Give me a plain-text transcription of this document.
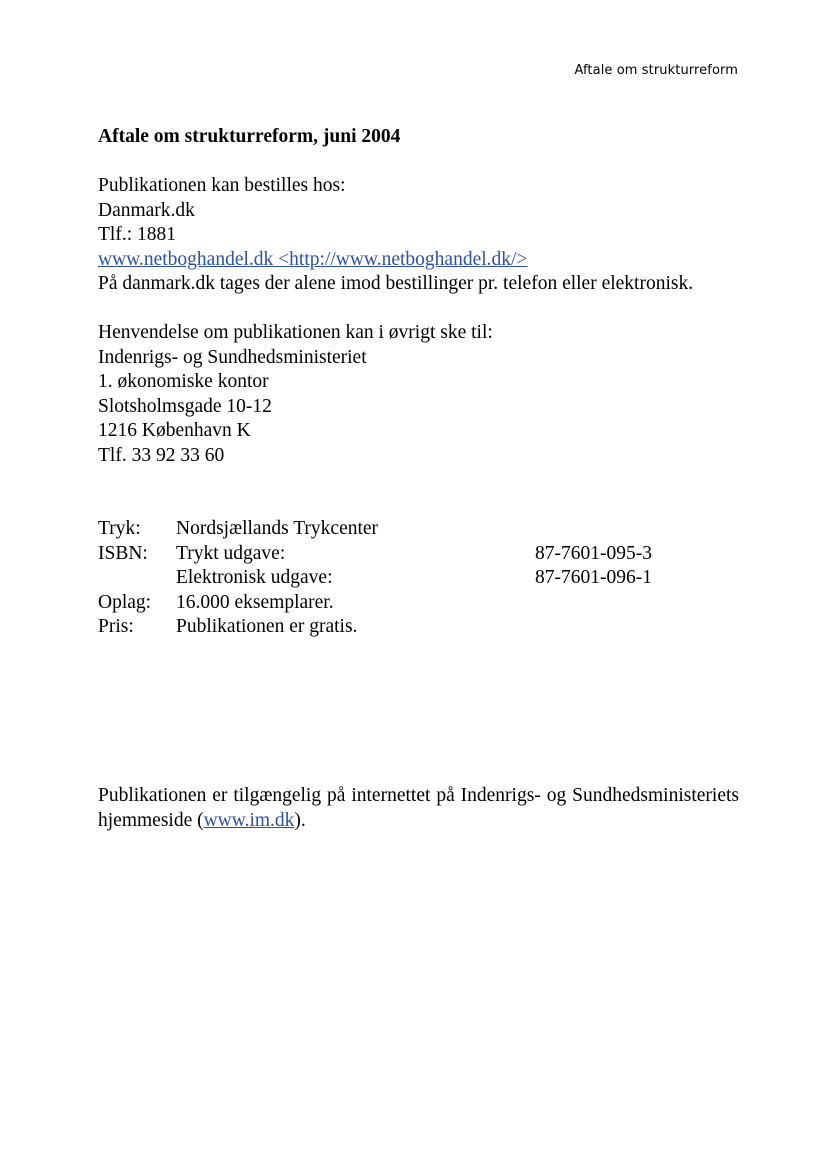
Aftale om strukturreform

Aftale om strukturreform, juni 2004

Publikationen kan bestilles hos:

Danmark.dk

Tlf.: 1881

www.netboghandel.dk <http://www.netboghandel.dk/>

På danmark.dk tages der alene imod bestillinger pr. telefon eller elektronisk.

Henvendelse om publikationen kan i øvrigt ske til:

Indenrigs- og Sundhedsministeriet

1. økonomiske kontor

Slotsholmsgade 10-12

1216 København K

Tlf. 33 92 33 60

Tryk:	Nordsjællands Trykcenter	
ISBN:	Trykt udgave:	87-7601-095-3
	Elektronisk udgave:	87-7601-096-1
Oplag:	16.000 eksemplarer.	
Pris:	Publikationen er gratis.	

Publikationen er tilgængelig på internettet på Indenrigs- og Sundhedsministeriets hjemmeside (www.im.dk).
